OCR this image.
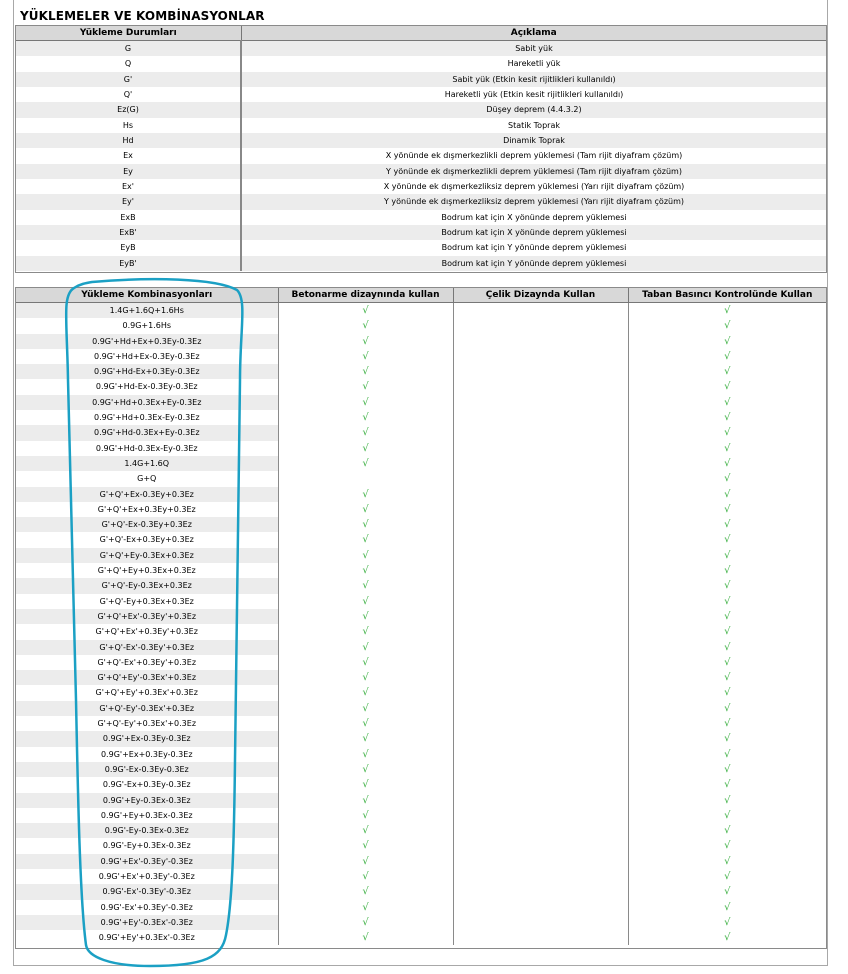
YÜKLEMELER VE KOMBİNASYONLAR
Yükleme Durumları	Açıklama
G	Sabit yük
Q	Hareketli yük
G'	Sabit yük (Etkin kesit rijitlikleri kullanıldı)
Q'	Hareketli yük (Etkin kesit rijitlikleri kullanıldı)
Ez(G)	Düşey deprem (4.4.3.2)
Hs	Statik Toprak
Hd	Dinamik Toprak
Ex	X yönünde ek dışmerkezlikli deprem yüklemesi (Tam rijit diyafram çözüm)
Ey	Y yönünde ek dışmerkezlikli deprem yüklemesi (Tam rijit diyafram çözüm)
Ex'	X yönünde ek dışmerkezliksiz deprem yüklemesi (Yarı rijit diyafram çözüm)
Ey'	Y yönünde ek dışmerkezliksiz deprem yüklemesi (Yarı rijit diyafram çözüm)
ExB	Bodrum kat için X yönünde deprem yüklemesi
ExB'	Bodrum kat için X yönünde deprem yüklemesi
EyB	Bodrum kat için Y yönünde deprem yüklemesi
EyB'	Bodrum kat için Y yönünde deprem yüklemesi
Yükleme Kombinasyonları	Betonarme dizaynında kullan	Çelik Dizaynda Kullan	Taban Basıncı Kontrolünde Kullan
1.4G+1.6Q+1.6Hs	√		√
0.9G+1.6Hs	√		√
0.9G'+Hd+Ex+0.3Ey-0.3Ez	√		√
0.9G'+Hd+Ex-0.3Ey-0.3Ez	√		√
0.9G'+Hd-Ex+0.3Ey-0.3Ez	√		√
0.9G'+Hd-Ex-0.3Ey-0.3Ez	√		√
0.9G'+Hd+0.3Ex+Ey-0.3Ez	√		√
0.9G'+Hd+0.3Ex-Ey-0.3Ez	√		√
0.9G'+Hd-0.3Ex+Ey-0.3Ez	√		√
0.9G'+Hd-0.3Ex-Ey-0.3Ez	√		√
1.4G+1.6Q	√		√
G+Q			√
G'+Q'+Ex-0.3Ey+0.3Ez	√		√
G'+Q'+Ex+0.3Ey+0.3Ez	√		√
G'+Q'-Ex-0.3Ey+0.3Ez	√		√
G'+Q'-Ex+0.3Ey+0.3Ez	√		√
G'+Q'+Ey-0.3Ex+0.3Ez	√		√
G'+Q'+Ey+0.3Ex+0.3Ez	√		√
G'+Q'-Ey-0.3Ex+0.3Ez	√		√
G'+Q'-Ey+0.3Ex+0.3Ez	√		√
G'+Q'+Ex'-0.3Ey'+0.3Ez	√		√
G'+Q'+Ex'+0.3Ey'+0.3Ez	√		√
G'+Q'-Ex'-0.3Ey'+0.3Ez	√		√
G'+Q'-Ex'+0.3Ey'+0.3Ez	√		√
G'+Q'+Ey'-0.3Ex'+0.3Ez	√		√
G'+Q'+Ey'+0.3Ex'+0.3Ez	√		√
G'+Q'-Ey'-0.3Ex'+0.3Ez	√		√
G'+Q'-Ey'+0.3Ex'+0.3Ez	√		√
0.9G'+Ex-0.3Ey-0.3Ez	√		√
0.9G'+Ex+0.3Ey-0.3Ez	√		√
0.9G'-Ex-0.3Ey-0.3Ez	√		√
0.9G'-Ex+0.3Ey-0.3Ez	√		√
0.9G'+Ey-0.3Ex-0.3Ez	√		√
0.9G'+Ey+0.3Ex-0.3Ez	√		√
0.9G'-Ey-0.3Ex-0.3Ez	√		√
0.9G'-Ey+0.3Ex-0.3Ez	√		√
0.9G'+Ex'-0.3Ey'-0.3Ez	√		√
0.9G'+Ex'+0.3Ey'-0.3Ez	√		√
0.9G'-Ex'-0.3Ey'-0.3Ez	√		√
0.9G'-Ex'+0.3Ey'-0.3Ez	√		√
0.9G'+Ey'-0.3Ex'-0.3Ez	√		√
0.9G'+Ey'+0.3Ex'-0.3Ez	√		√
